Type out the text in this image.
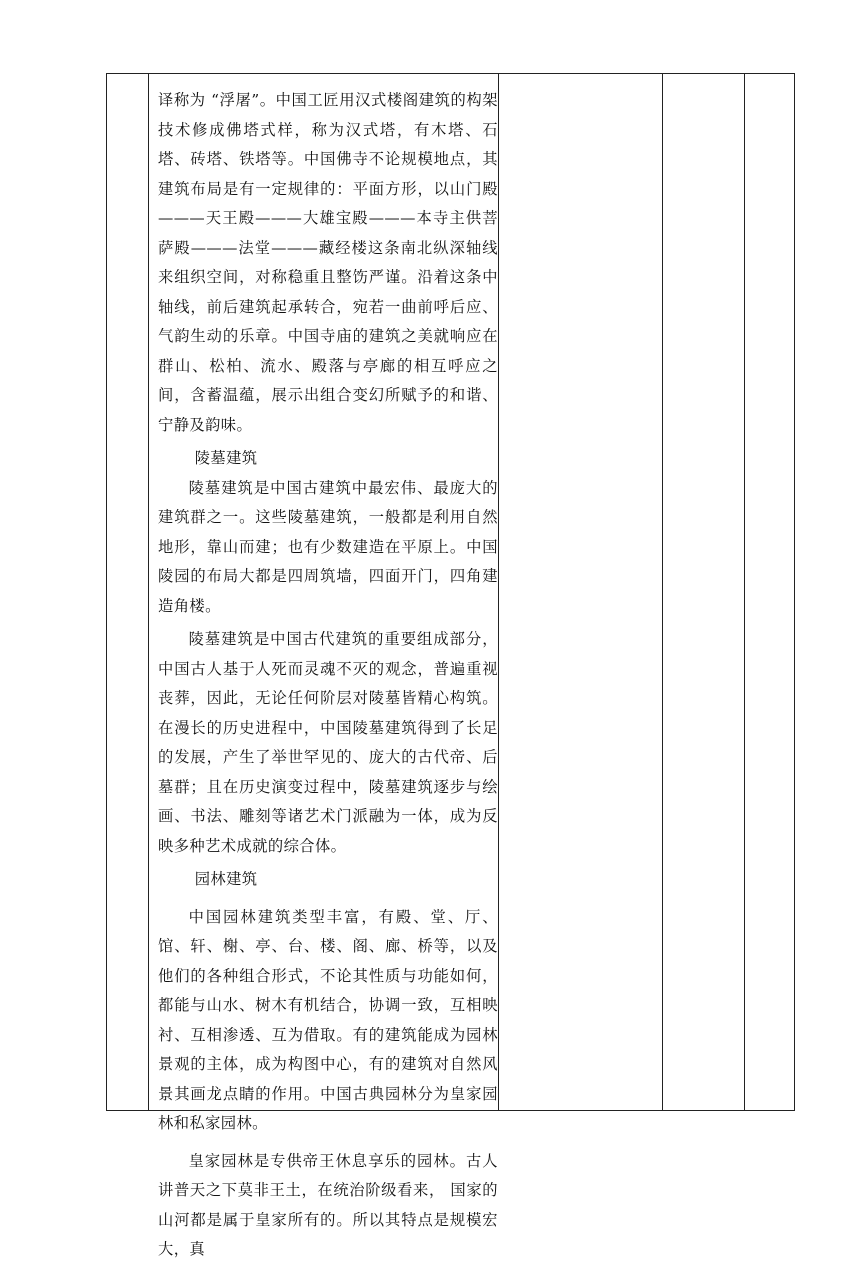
译称为 “浮屠”。中国工匠用汉式楼阁建筑的构架技术修成佛塔式样，称为汉式塔，有木塔、石塔、砖塔、铁塔等。中国佛寺不论规模地点，其建筑布局是有一定规律的：平面方形，以山门殿———天王殿———大雄宝殿———本寺主供菩萨殿———法堂———藏经楼这条南北纵深轴线来组织空间，对称稳重且整饬严谨。沿着这条中轴线，前后建筑起承转合，宛若一曲前呼后应、气韵生动的乐章。中国寺庙的建筑之美就响应在群山、松柏、流水、殿落与亭廊的相互呼应之间，含蓄温蕴，展示出组合变幻所赋予的和谐、宁静及韵味。

陵墓建筑

陵墓建筑是中国古建筑中最宏伟、最庞大的建筑群之一。这些陵墓建筑，一般都是利用自然地形，靠山而建；也有少数建造在平原上。中国陵园的布局大都是四周筑墙，四面开门，四角建造角楼。

陵墓建筑是中国古代建筑的重要组成部分，中国古人基于人死而灵魂不灭的观念，普遍重视丧葬，因此，无论任何阶层对陵墓皆精心构筑。在漫长的历史进程中，中国陵墓建筑得到了长足的发展，产生了举世罕见的、庞大的古代帝、后墓群；且在历史演变过程中，陵墓建筑逐步与绘画、书法、雕刻等诸艺术门派融为一体，成为反映多种艺术成就的综合体。

园林建筑

中国园林建筑类型丰富，有殿、堂、厅、馆、轩、榭、亭、台、楼、阁、廊、桥等，以及他们的各种组合形式，不论其性质与功能如何，都能与山水、树木有机结合，协调一致，互相映衬、互相渗透、互为借取。有的建筑能成为园林景观的主体，成为构图中心，有的建筑对自然风景其画龙点睛的作用。中国古典园林分为皇家园林和私家园林。

皇家园林是专供帝王休息享乐的园林。古人讲普天之下莫非王土，在统治阶级看来， 国家的山河都是属于皇家所有的。所以其特点是规模宏大，真
